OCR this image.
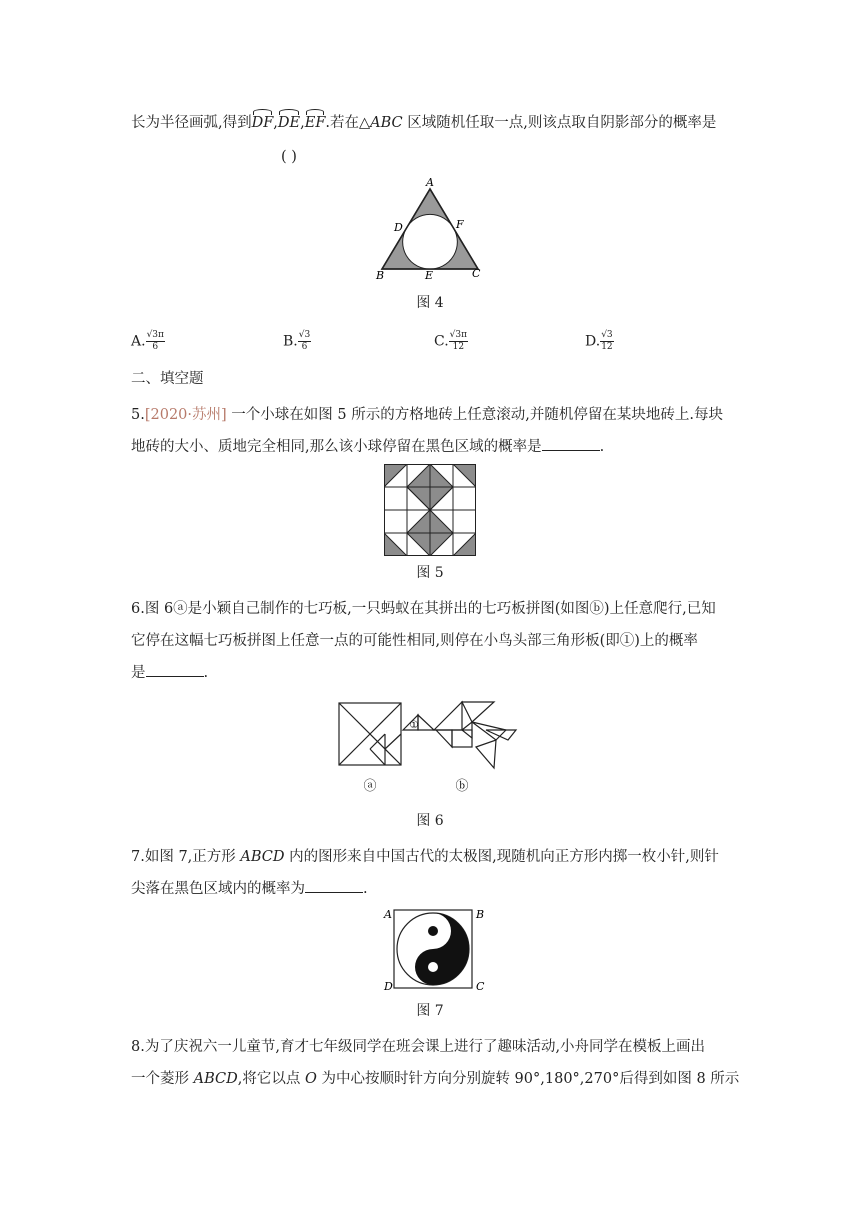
长为半径画弧,得到DF,DE,EF.若在△ABC 区域随机任取一点,则该点取自阴影部分的概率是
( )
A
D	F
B	E	C
图 4
A. $\frac{√3\pi}{6}$	B. $\frac{√3}{6}$	C. $\frac{√3\pi}{12}$	D. $\frac{√3}{12}$
二、填空题
5.[2020·苏州] 一个小球在如图 5 所示的方格地砖上任意滚动,并随机停留在某块地砖上.每块
地砖的大小、质地完全相同,那么该小球停留在黑色区域的概率是	.
图 5
6.图 6ⓐ是小颖自己制作的七巧板,一只蚂蚁在其拼出的七巧板拼图(如图ⓑ)上任意爬行,已知
它停在这幅七巧板拼图上任意一点的可能性相同,则停在小鸟头部三角形板(即①)上的概率
是	.
ⓐ	ⓑ
①
图 6
7.如图 7,正方形 ABCD 内的图形来自中国古代的太极图,现随机向正方形内掷一枚小针,则针
尖落在黑色区域内的概率为	.
A	B
D	C
图 7
8.为了庆祝六一儿童节,育才七年级同学在班会课上进行了趣味活动,小舟同学在模板上画出
一个菱形 ABCD,将它以点 O 为中心按顺时针方向分别旋转 90°,180°,270°后得到如图 8 所示
